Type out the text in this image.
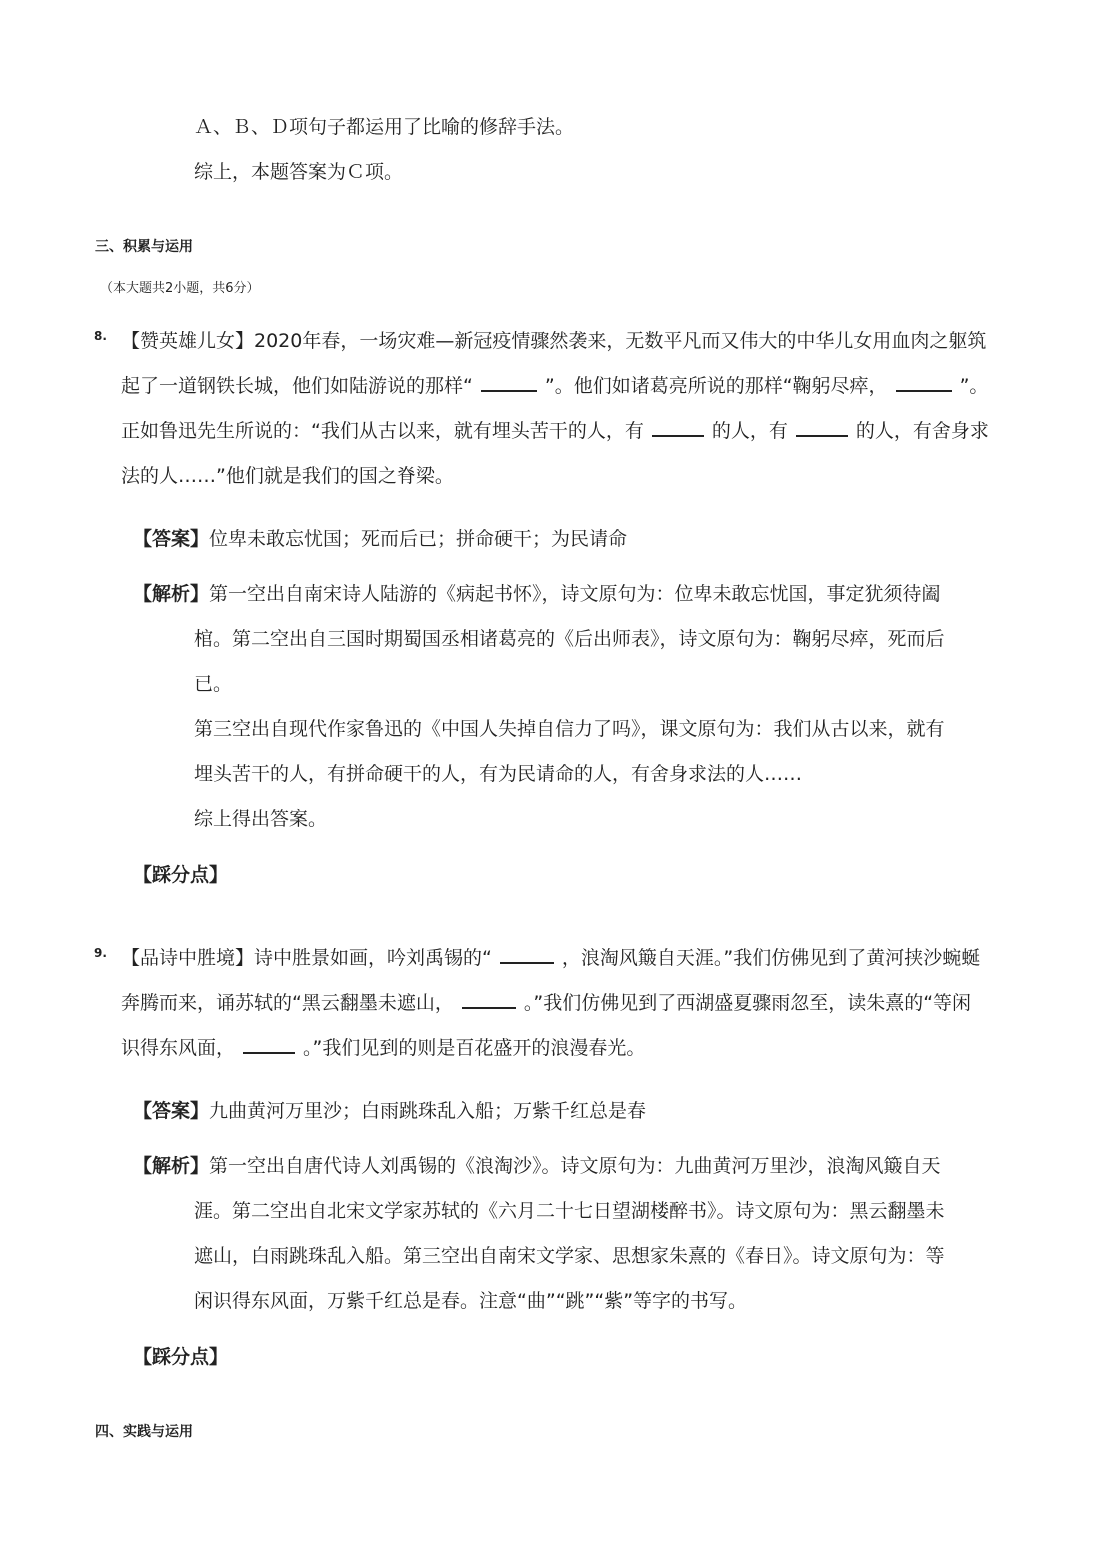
Ａ、Ｂ、Ｄ项句子都运用了比喻的修辞手法。
综上，本题答案为Ｃ项。
三、积累与运用
（本大题共2小题，共6分）
8. 【赞英雄儿女】2020年春，一场灾难—新冠疫情骤然袭来，无数平凡而又伟大的中华儿女用血肉之躯筑
起了一道钢铁长城，他们如陆游说的那样“	”。他们如诸葛亮所说的那样“鞠躬尽瘁，	”。
正如鲁迅先生所说的：“我们从古以来，就有埋头苦干的人，有	的人，有	的人，有舍身求
法的人……”他们就是我们的国之脊梁。
【答案】位卑未敢忘忧国；死而后已；拼命硬干；为民请命
【解析】第一空出自南宋诗人陆游的《病起书怀》，诗文原句为：位卑未敢忘忧国，事定犹须待阖
棺。第二空出自三国时期蜀国丞相诸葛亮的《后出师表》，诗文原句为：鞠躬尽瘁，死而后
已。
第三空出自现代作家鲁迅的《中国人失掉自信力了吗》，课文原句为：我们从古以来，就有
埋头苦干的人，有拼命硬干的人，有为民请命的人，有舍身求法的人……
综上得出答案。
【踩分点】
9. 【品诗中胜境】诗中胜景如画，吟刘禹锡的“	，浪淘风簸自天涯。”我们仿佛见到了黄河挟沙蜿蜒
奔腾而来，诵苏轼的“黑云翻墨未遮山，	。”我们仿佛见到了西湖盛夏骤雨忽至，读朱熹的“等闲
识得东风面，	。”我们见到的则是百花盛开的浪漫春光。
【答案】九曲黄河万里沙；白雨跳珠乱入船；万紫千红总是春
【解析】第一空出自唐代诗人刘禹锡的《浪淘沙》。诗文原句为：九曲黄河万里沙，浪淘风簸自天
涯。第二空出自北宋文学家苏轼的《六月二十七日望湖楼醉书》。诗文原句为：黑云翻墨未
遮山，白雨跳珠乱入船。第三空出自南宋文学家、思想家朱熹的《春日》。诗文原句为：等
闲识得东风面，万紫千红总是春。注意“曲”“跳”“紫”等字的书写。
【踩分点】
四、实践与运用
